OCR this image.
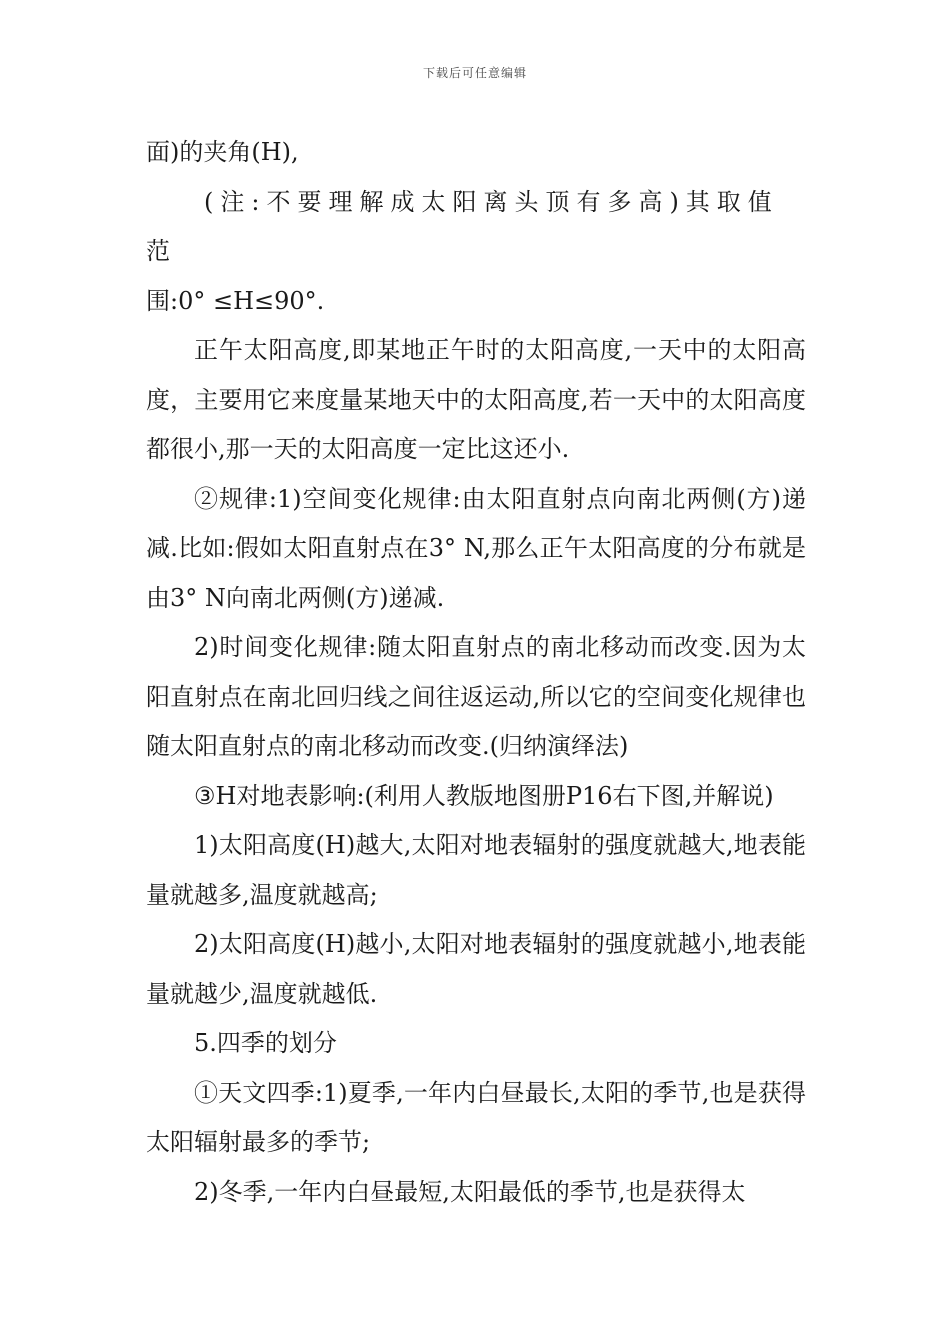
下载后可任意编辑

面)的夹角(H),

(注:不要理解成太阳离头顶有多高)其取值范

围:0° ≤H≤90°.

正午太阳高度,即某地正午时的太阳高度,一天中的太阳高度，主要用它来度量某地天中的太阳高度,若一天中的太阳高度都很小,那一天的太阳高度一定比这还小.

②规律:1)空间变化规律:由太阳直射点向南北两侧(方)递减.比如:假如太阳直射点在3° N,那么正午太阳高度的分布就是由3° N向南北两侧(方)递减.

2)时间变化规律:随太阳直射点的南北移动而改变.因为太阳直射点在南北回归线之间往返运动,所以它的空间变化规律也随太阳直射点的南北移动而改变.(归纳演绎法)

③H对地表影响:(利用人教版地图册P16右下图,并解说)

1)太阳高度(H)越大,太阳对地表辐射的强度就越大,地表能量就越多,温度就越高;

2)太阳高度(H)越小,太阳对地表辐射的强度就越小,地表能量就越少,温度就越低.

5.四季的划分

①天文四季:1)夏季,一年内白昼最长,太阳的季节,也是获得太阳辐射最多的季节;

2)冬季,一年内白昼最短,太阳最低的季节,也是获得太
